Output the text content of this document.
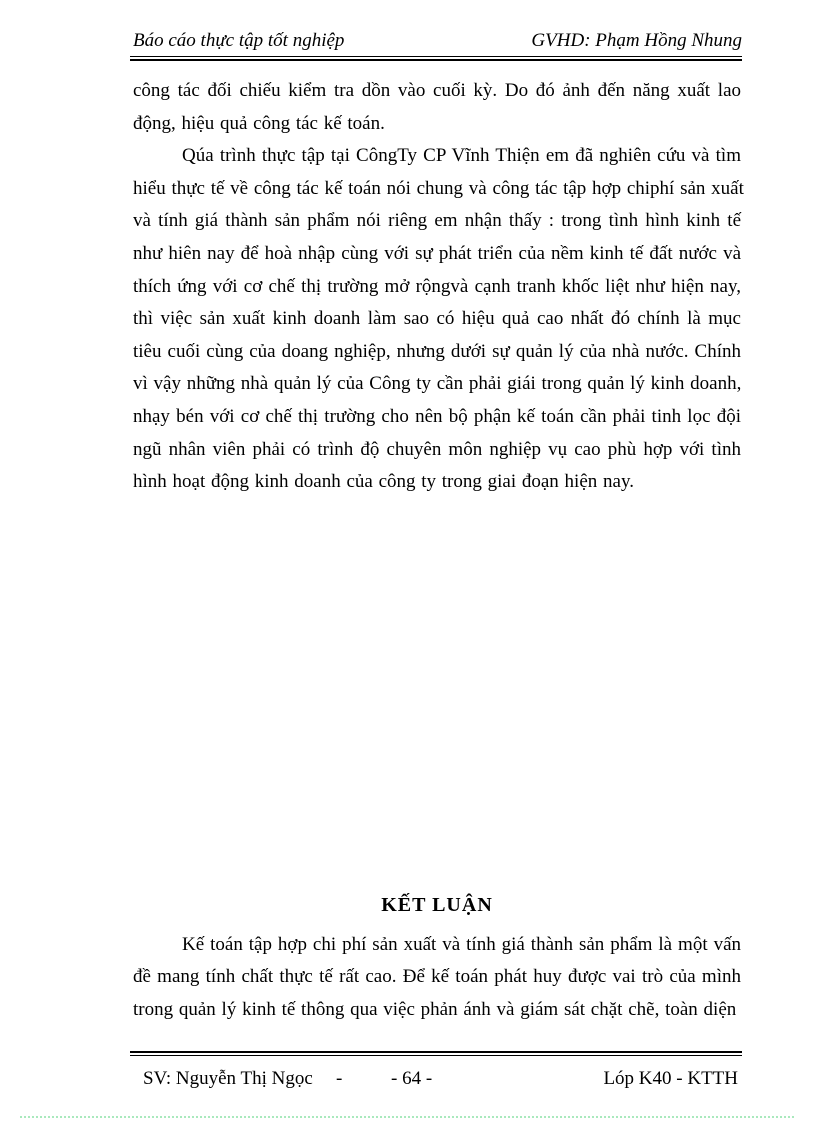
Báo cáo thực tập tốt nghiệp	GVHD: Phạm Hồng Nhung
công tác đối chiếu kiểm tra dồn vào cuối kỳ. Do đó ảnh đến năng xuất lao
động, hiệu quả công tác kế toán.
Qúa trình thực tập tại CôngTy CP Vĩnh Thiện em đã nghiên cứu và tìm
hiểu thực tế về công tác kế toán nói chung và công tác tập hợp chiphí sản xuất
và tính giá thành sản phẩm nói riêng em nhận thấy : trong tình hình kinh tế
như hiên nay để hoà nhập cùng với sự phát triển của nềm kinh tế đất nước và
thích ứng với cơ chế thị trường mở rộngvà cạnh tranh khốc liệt như hiện nay,
thì việc sản xuất kinh doanh làm sao có hiệu quả cao nhất đó chính là mục
tiêu cuối cùng của doang nghiệp, nhưng dưới sự quản lý của nhà nước. Chính
vì vậy những nhà quản lý của Công ty cần phải giái trong quản lý kinh doanh,
nhạy bén với cơ chế thị trường cho nên bộ phận kế toán cần phải tinh lọc đội
ngũ nhân viên phải có trình độ chuyên môn nghiệp vụ cao phù hợp với tình
hình hoạt động kinh doanh của công ty trong giai đoạn hiện nay.
KẾT LUẬN
Kế toán tập hợp chi phí sản xuất và tính giá thành sản phẩm là một vấn
đề mang tính chất thực tế rất cao. Để kế toán phát huy được vai trò của mình
trong quản lý kinh tế thông qua việc phản ánh và giám sát chặt chẽ, toàn diện
SV: Nguyễn Thị Ngọc -	- 64 -	Lóp K40 - KTTH
